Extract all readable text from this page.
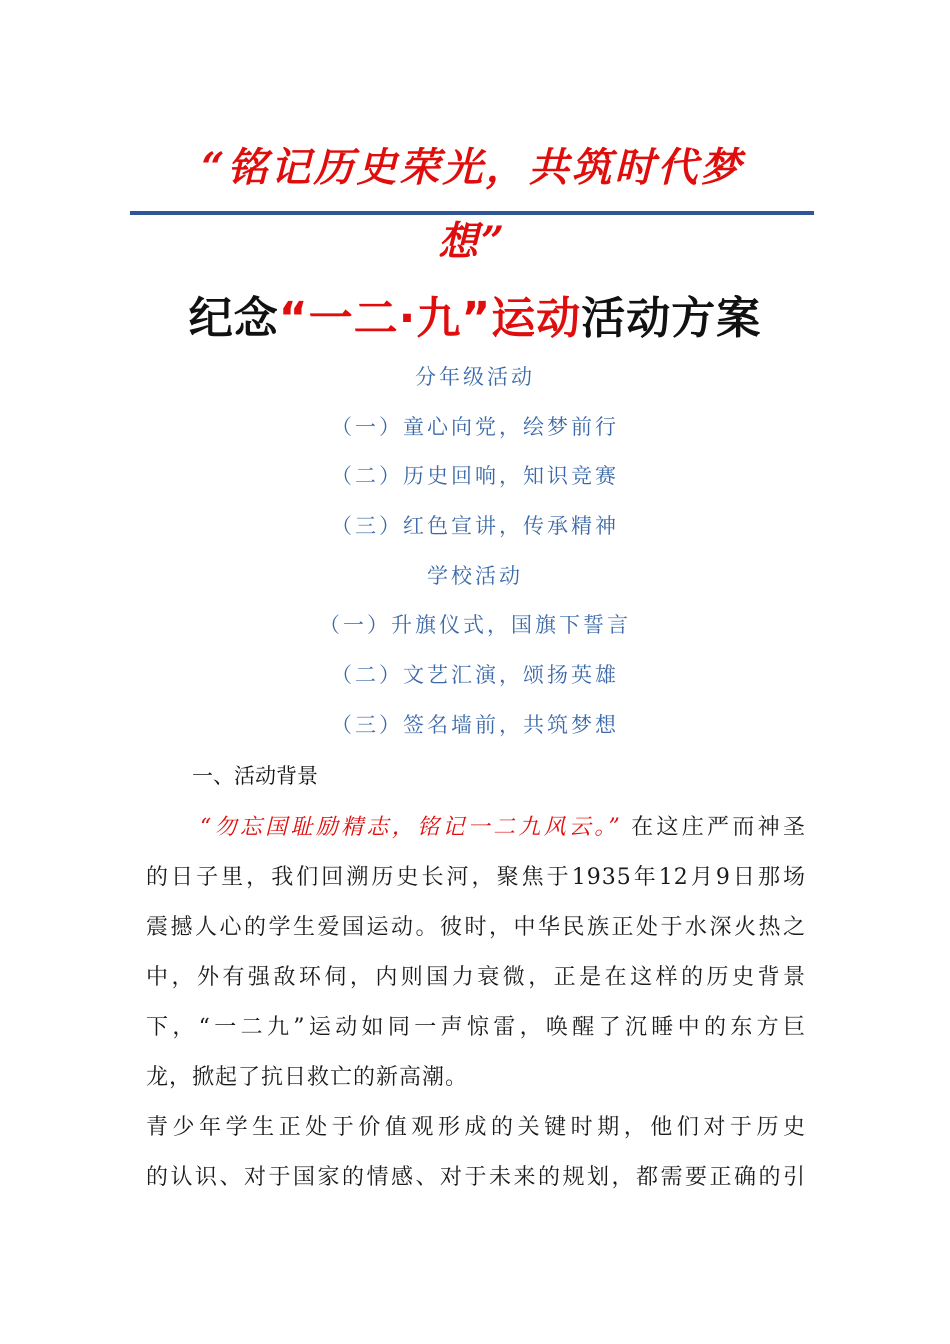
“铭记历史荣光，共筑时代梦
想”
纪念“一二·九”运动活动方案
分年级活动
（一）童心向党，绘梦前行
（二）历史回响，知识竞赛
（三）红色宣讲，传承精神
学校活动
（一）升旗仪式，国旗下誓言
（二）文艺汇演，颂扬英雄
（三）签名墙前，共筑梦想
一、活动背景
“勿忘国耻励精志，铭记一二九风云。” 在这庄严而神圣
的日子里，我们回溯历史长河，聚焦于1935年12月9日那场
震撼人心的学生爱国运动。彼时，中华民族正处于水深火热之
中，外有强敌环伺，内则国力衰微，正是在这样的历史背景
下，“一二九”运动如同一声惊雷，唤醒了沉睡中的东方巨
龙，掀起了抗日救亡的新高潮。
青少年学生正处于价值观形成的关键时期，他们对于历史
的认识、对于国家的情感、对于未来的规划，都需要正确的引
